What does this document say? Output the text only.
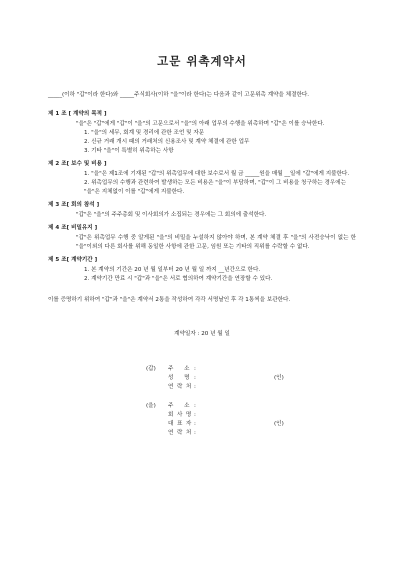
고문 위촉계약서
_____(이하 "갑"이라 한다)와 _____주식회사(이하 "을"이라 한다)는 다음과 같이 고문위촉 계약을 체결한다.
제 1 조 [ 계약의 목적 ]
"을"은 "갑"에게 "갑"이 "을"의 고문으로서 "을"의 아래 업무의 수행을 위촉하며 "갑"은 이를 승낙한다.
1. "을"의 세무, 회계 및 경리에 관한 조언 및 자문
2. 신규 거래 개시 때의 거래처의 신용조사 및 계약 체결에 관한 업무
3. 기타 "을"이 특별히 위촉하는 사항
제 2 조[ 보수 및 비용 ]
1. "을"은 제1조에 기재된 "갑"의 위촉업무에 대한 보수로서 월 금 _____원을 매월 __일에 "갑"에게 지불한다.
2. 위촉업무의 수행과 관련하여 발생하는 모든 비용은 "을"이 부담하며, "갑"이 그 비용을 청구하는 경우에는 "을"은 지체없이 이를 "갑"에게 지불한다.
제 3 조[ 회의 참석 ]
"갑"은 "을"의 주주총회 및 이사회의가 소집되는 경우에는 그 회의에 출석한다.
제 4 조[ 비밀유지 ]
"갑"은 위촉업무 수행 중 알게된 "을"의 비밀을 누설하지 않아야 하며, 본 계약 체결 후 "을"의 사전승낙이 없는 한 "을"이외의 다른 회사를 위해 동일한 사항에 관한 고문, 임원 또는 기타의 직위를 수락할 수 없다.
제 5 조[ 계약기간 ]
1. 본 계약의 기간은 20 년 월 일부터 20 년 월 일 까지 __년간으로 한다.
2. 계약기간 만료 시 "갑"과 "을"은 서로 협의하여 계약기간을 연장할 수 있다.
이를 증명하기 위하여 "갑"과 "을"은 계약서 2통을 작성하여 각각 서명날인 후 각 1통씩을 보관한다.
계약일자 : 20 년 월 일
(갑)	주      소 :
성      명 :	(인)
연  락  처 :
(을)	주      소 :
회  사  명 :
대  표  자 :	(인)
연  락  처 :
